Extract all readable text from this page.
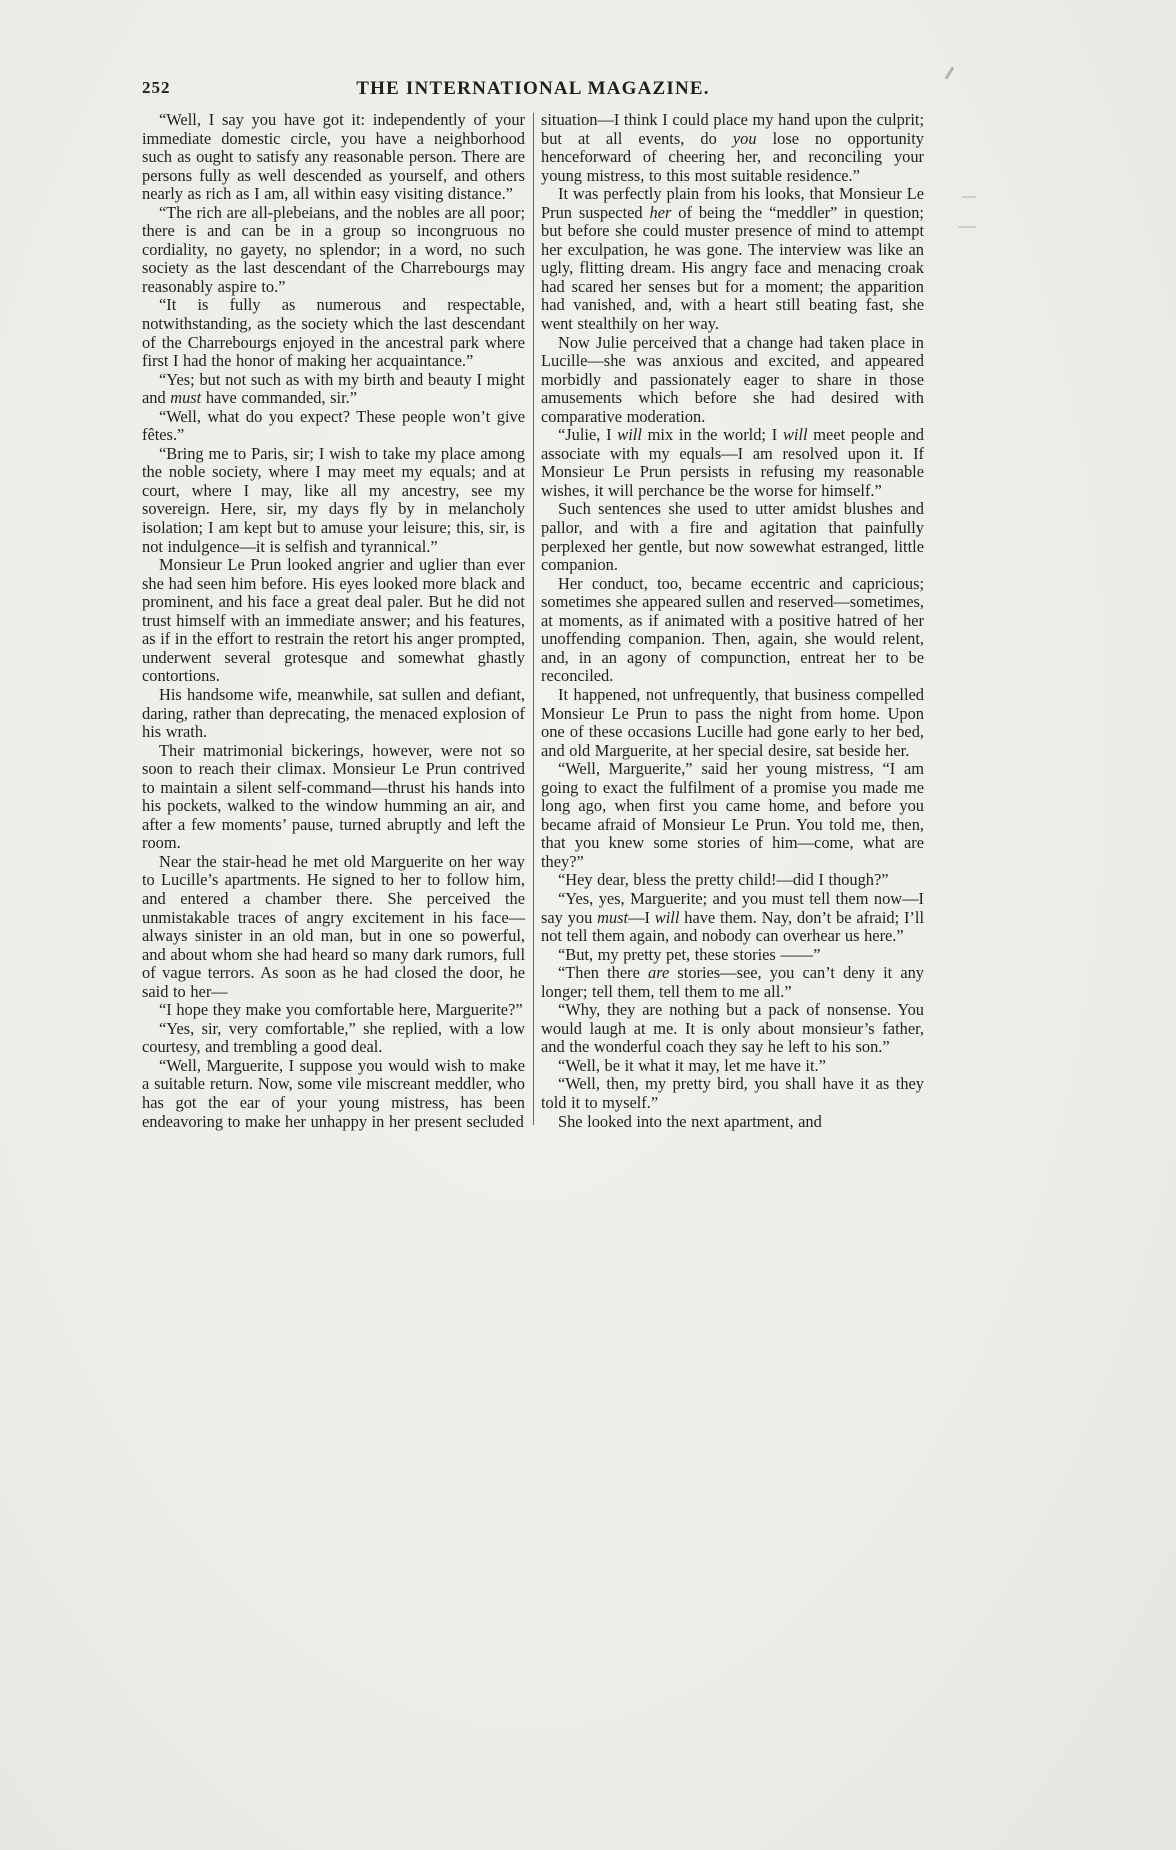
252	THE INTERNATIONAL MAGAZINE.

“Well, I say you have got it: independently of your immediate domestic circle, you have a neighborhood such as ought to satisfy any reasonable person. There are persons fully as well descended as yourself, and others nearly as rich as I am, all within easy visiting distance.”

“The rich are all-plebeians, and the nobles are all poor; there is and can be in a group so incongruous no cordiality, no gayety, no splendor; in a word, no such society as the last descendant of the Charrebourgs may reasonably aspire to.”

“It is fully as numerous and respectable, notwithstanding, as the society which the last descendant of the Charrebourgs enjoyed in the ancestral park where first I had the honor of making her acquaintance.”

“Yes; but not such as with my birth and beauty I might and must have commanded, sir.”

“Well, what do you expect? These people won’t give fêtes.”

“Bring me to Paris, sir; I wish to take my place among the noble society, where I may meet my equals; and at court, where I may, like all my ancestry, see my sovereign. Here, sir, my days fly by in melancholy isolation; I am kept but to amuse your leisure; this, sir, is not indulgence—it is selfish and tyrannical.”

Monsieur Le Prun looked angrier and uglier than ever she had seen him before. His eyes looked more black and prominent, and his face a great deal paler. But he did not trust himself with an immediate answer; and his features, as if in the effort to restrain the retort his anger prompted, underwent several grotesque and somewhat ghastly contortions.

His handsome wife, meanwhile, sat sullen and defiant, daring, rather than deprecating, the menaced explosion of his wrath.

Their matrimonial bickerings, however, were not so soon to reach their climax. Monsieur Le Prun contrived to maintain a silent self-command—thrust his hands into his pockets, walked to the window humming an air, and after a few moments’ pause, turned abruptly and left the room.

Near the stair-head he met old Marguerite on her way to Lucille’s apartments. He signed to her to follow him, and entered a chamber there. She perceived the unmistakable traces of angry excitement in his face—always sinister in an old man, but in one so powerful, and about whom she had heard so many dark rumors, full of vague terrors. As soon as he had closed the door, he said to her—

“I hope they make you comfortable here, Marguerite?”

“Yes, sir, very comfortable,” she replied, with a low courtesy, and trembling a good deal.

“Well, Marguerite, I suppose you would wish to make a suitable return. Now, some vile miscreant meddler, who has got the ear of your young mistress, has been endeavoring to make her unhappy in her present secluded

situation—I think I could place my hand upon the culprit; but at all events, do you lose no opportunity henceforward of cheering her, and reconciling your young mistress, to this most suitable residence.”

It was perfectly plain from his looks, that Monsieur Le Prun suspected her of being the “meddler” in question; but before she could muster presence of mind to attempt her exculpation, he was gone. The interview was like an ugly, flitting dream. His angry face and menacing croak had scared her senses but for a moment; the apparition had vanished, and, with a heart still beating fast, she went stealthily on her way.

Now Julie perceived that a change had taken place in Lucille—she was anxious and excited, and appeared morbidly and passionately eager to share in those amusements which before she had desired with comparative moderation.

“Julie, I will mix in the world; I will meet people and associate with my equals—I am resolved upon it. If Monsieur Le Prun persists in refusing my reasonable wishes, it will perchance be the worse for himself.”

Such sentences she used to utter amidst blushes and pallor, and with a fire and agitation that painfully perplexed her gentle, but now sowewhat estranged, little companion.

Her conduct, too, became eccentric and capricious; sometimes she appeared sullen and reserved—sometimes, at moments, as if animated with a positive hatred of her unoffending companion. Then, again, she would relent, and, in an agony of compunction, entreat her to be reconciled.

It happened, not unfrequently, that business compelled Monsieur Le Prun to pass the night from home. Upon one of these occasions Lucille had gone early to her bed, and old Marguerite, at her special desire, sat beside her.

“Well, Marguerite,” said her young mistress, “I am going to exact the fulfilment of a promise you made me long ago, when first you came home, and before you became afraid of Monsieur Le Prun. You told me, then, that you knew some stories of him—come, what are they?”

“Hey dear, bless the pretty child!—did I though?”

“Yes, yes, Marguerite; and you must tell them now—I say you must—I will have them. Nay, don’t be afraid; I’ll not tell them again, and nobody can overhear us here.”

“But, my pretty pet, these stories ——”

“Then there are stories—see, you can’t deny it any longer; tell them, tell them to me all.”

“Why, they are nothing but a pack of nonsense. You would laugh at me. It is only about monsieur’s father, and the wonderful coach they say he left to his son.”

“Well, be it what it may, let me have it.”

“Well, then, my pretty bird, you shall have it as they told it to myself.”

She looked into the next apartment, and
